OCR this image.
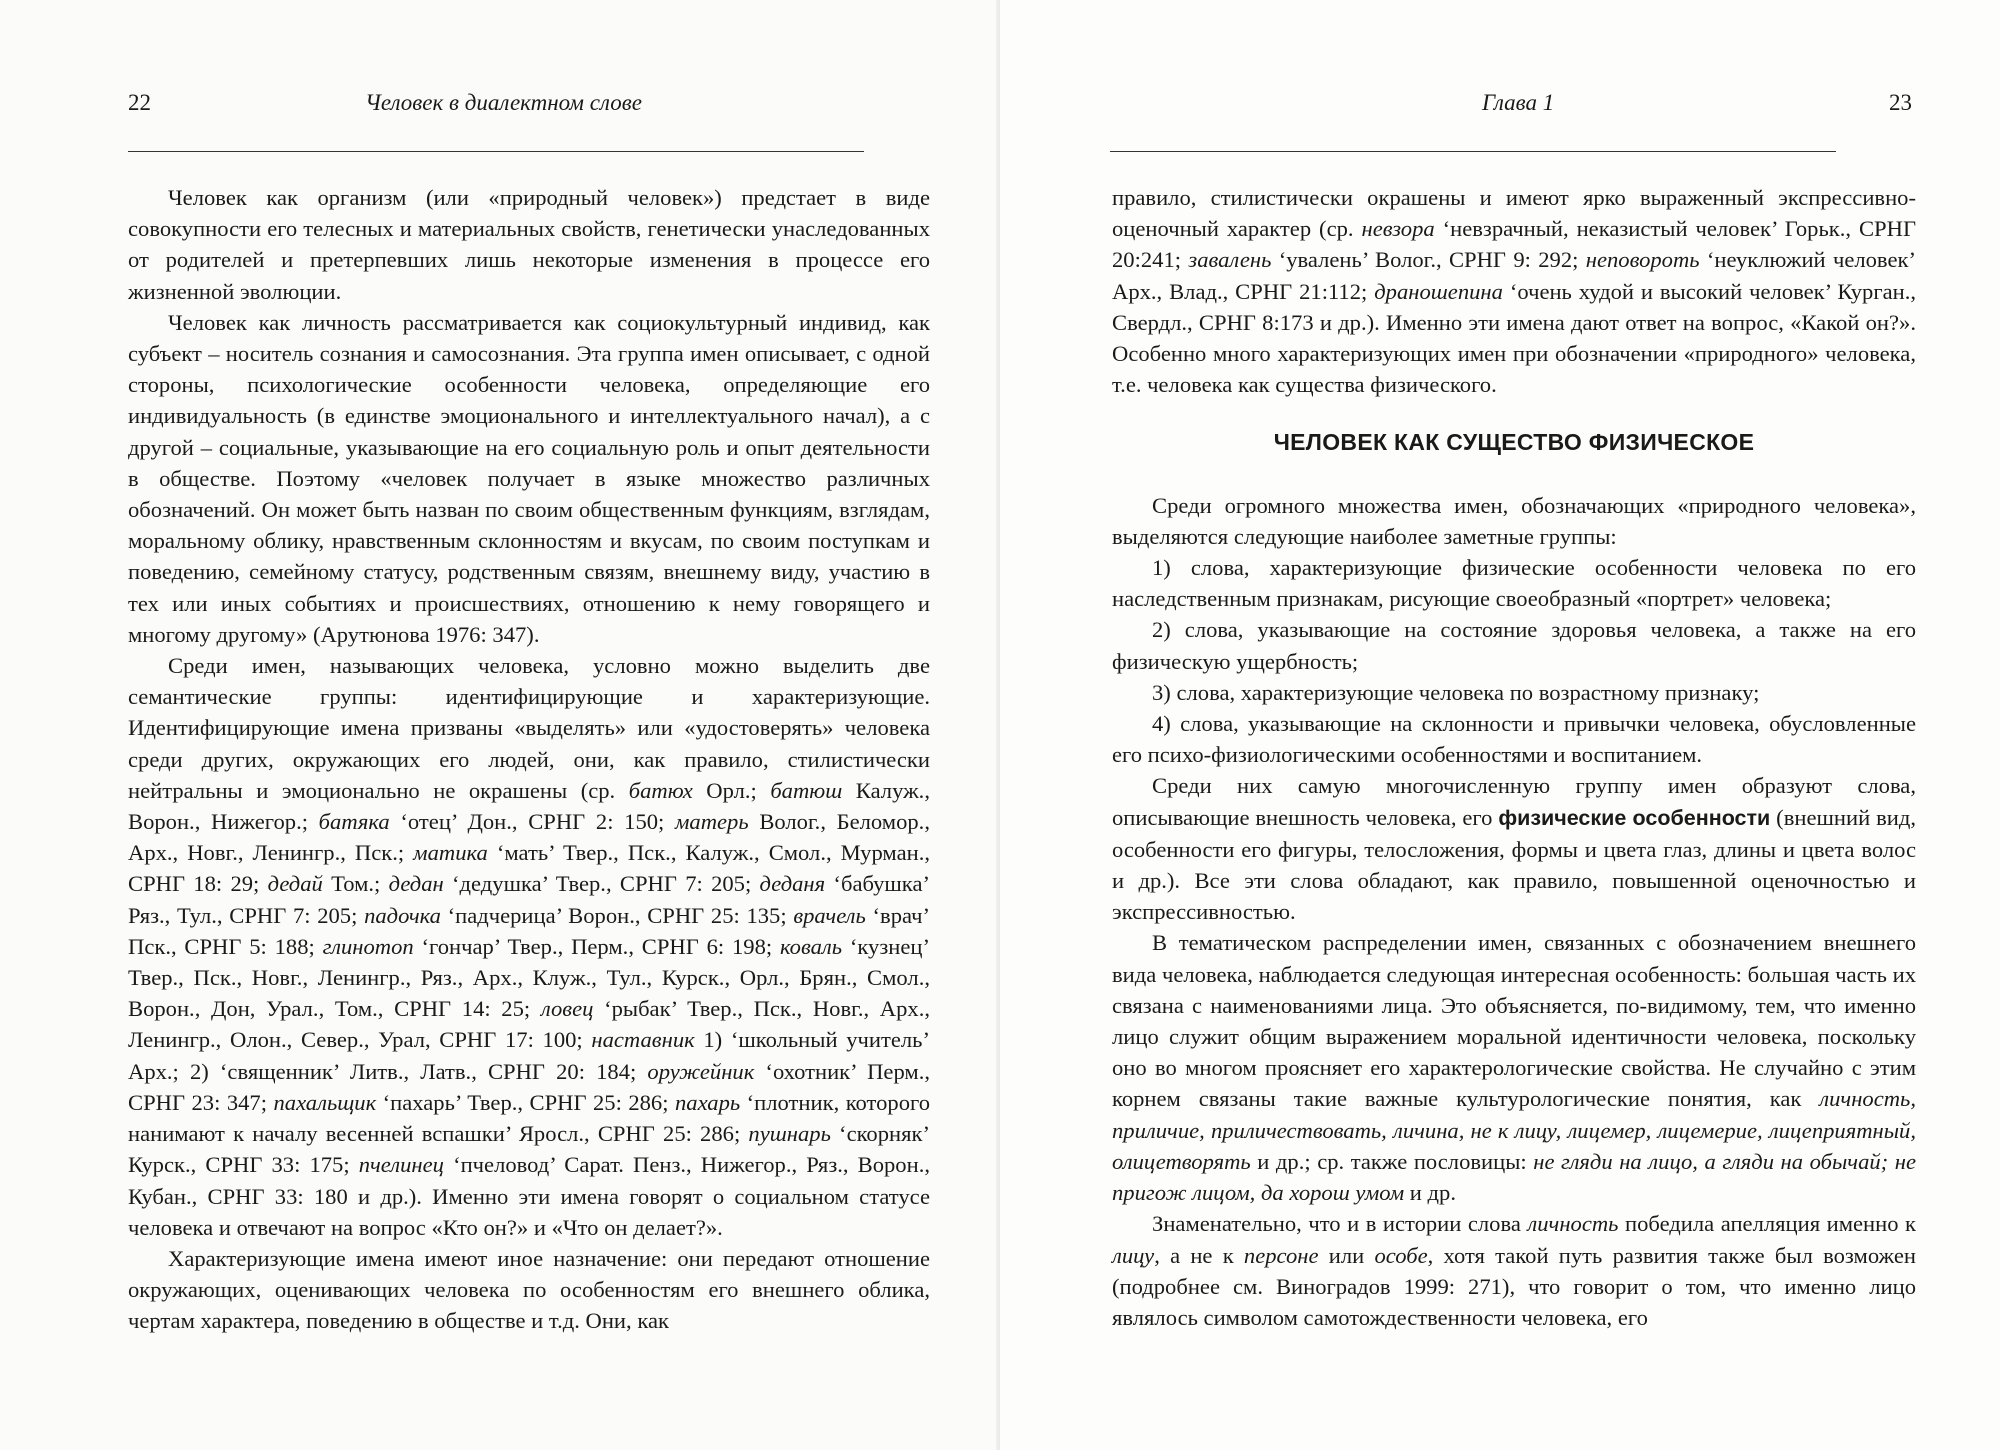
22	Человек в диалектном слове

Человек как организм (или «природный человек») предстает в виде совокупности его телесных и материальных свойств, генетически унаследованных от родителей и претерпевших лишь некоторые изменения в процессе его жизненной эволюции.

Человек как личность рассматривается как социокультурный индивид, как субъект – носитель сознания и самосознания. Эта группа имен описывает, с одной стороны, психологические особенности человека, определяющие его индивидуальность (в единстве эмоционального и интеллектуального начал), а с другой – социальные, указывающие на его социальную роль и опыт деятельности в обществе. Поэтому «человек получает в языке множество различных обозначений. Он может быть назван по своим общественным функциям, взглядам, моральному облику, нравственным склонностям и вкусам, по своим поступкам и поведению, семейному статусу, родственным связям, внешнему виду, участию в тех или иных событиях и происшествиях, отношению к нему говорящего и многому другому» (Арутюнова 1976: 347).

Среди имен, называющих человека, условно можно выделить две семантические группы: идентифицирующие и характеризующие. Идентифицирующие имена призваны «выделять» или «удостоверять» человека среди других, окружающих его людей, они, как правило, стилистически нейтральны и эмоционально не окрашены (ср. батюх Орл.; батюш Калуж., Ворон., Нижегор.; батяка ‘отец’ Дон., СРНГ 2: 150; матерь Волог., Беломор., Арх., Новг., Ленингр., Пск.; матика ‘мать’ Твер., Пск., Калуж., Смол., Мурман., СРНГ 18: 29; дедай Том.; дедан ‘дедушка’ Твер., СРНГ 7: 205; деданя ‘бабушка’ Ряз., Тул., СРНГ 7: 205; падочка ‘падчерица’ Ворон., СРНГ 25: 135; врачель ‘врач’ Пск., СРНГ 5: 188; глинотоп ‘гончар’ Твер., Перм., СРНГ 6: 198; коваль ‘кузнец’ Твер., Пск., Новг., Ленингр., Ряз., Арх., Клуж., Тул., Курск., Орл., Брян., Смол., Ворон., Дон, Урал., Том., СРНГ 14: 25; ловец ‘рыбак’ Твер., Пск., Новг., Арх., Ленингр., Олон., Север., Урал, СРНГ 17: 100; наставник 1) ‘школьный учитель’ Арх.; 2) ‘священник’ Литв., Латв., СРНГ 20: 184; оружейник ‘охотник’ Перм., СРНГ 23: 347; пахальщик ‘пахарь’ Твер., СРНГ 25: 286; пахарь ‘плотник, которого нанимают к началу весенней вспашки’ Яросл., СРНГ 25: 286; пушнарь ‘скорняк’ Курск., СРНГ 33: 175; пчелинец ‘пчеловод’ Сарат. Пенз., Нижегор., Ряз., Ворон., Кубан., СРНГ 33: 180 и др.). Именно эти имена говорят о социальном статусе человека и отвечают на вопрос «Кто он?» и «Что он делает?».

Характеризующие имена имеют иное назначение: они передают отношение окружающих, оценивающих человека по особенностям его внешнего облика, чертам характера, поведению в обществе и т.д. Они, как

Глава 1	23

правило, стилистически окрашены и имеют ярко выраженный экспрессивно-оценочный характер (ср. невзора ‘невзрачный, неказистый человек’ Горьк., СРНГ 20:241; завалень ‘увалень’ Волог., СРНГ 9: 292; неповороть ‘неуклюжий человек’ Арх., Влад., СРНГ 21:112; драношепина ‘очень худой и высокий человек’ Курган., Свердл., СРНГ 8:173 и др.). Именно эти имена дают ответ на вопрос, «Какой он?». Особенно много характеризующих имен при обозначении «природного» человека, т.е. человека как существа физического.

ЧЕЛОВЕК КАК СУЩЕСТВО ФИЗИЧЕСКОЕ

Среди огромного множества имен, обозначающих «природного человека», выделяются следующие наиболее заметные группы:

1) слова, характеризующие физические особенности человека по его наследственным признакам, рисующие своеобразный «портрет» человека;

2) слова, указывающие на состояние здоровья человека, а также на его физическую ущербность;

3) слова, характеризующие человека по возрастному признаку;

4) слова, указывающие на склонности и привычки человека, обусловленные его психо-физиологическими особенностями и воспитанием.

Среди них самую многочисленную группу имен образуют слова, описывающие внешность человека, его физические особенности (внешний вид, особенности его фигуры, телосложения, формы и цвета глаз, длины и цвета волос и др.). Все эти слова обладают, как правило, повышенной оценочностью и экспрессивностью.

В тематическом распределении имен, связанных с обозначением внешнего вида человека, наблюдается следующая интересная особенность: большая часть их связана с наименованиями лица. Это объясняется, по-видимому, тем, что именно лицо служит общим выражением моральной идентичности человека, поскольку оно во многом проясняет его характерологические свойства. Не случайно с этим корнем связаны такие важные культурологические понятия, как личность, приличие, приличествовать, личина, не к лицу, лицемер, лицемерие, лицеприятный, олицетворять и др.; ср. также пословицы: не гляди на лицо, а гляди на обычай; не пригож лицом, да хорош умом и др.

Знаменательно, что и в истории слова личность победила апелляция именно к лицу, а не к персоне или особе, хотя такой путь развития также был возможен (подробнее см. Виноградов 1999: 271), что говорит о том, что именно лицо являлось символом самотождественности человека, его
